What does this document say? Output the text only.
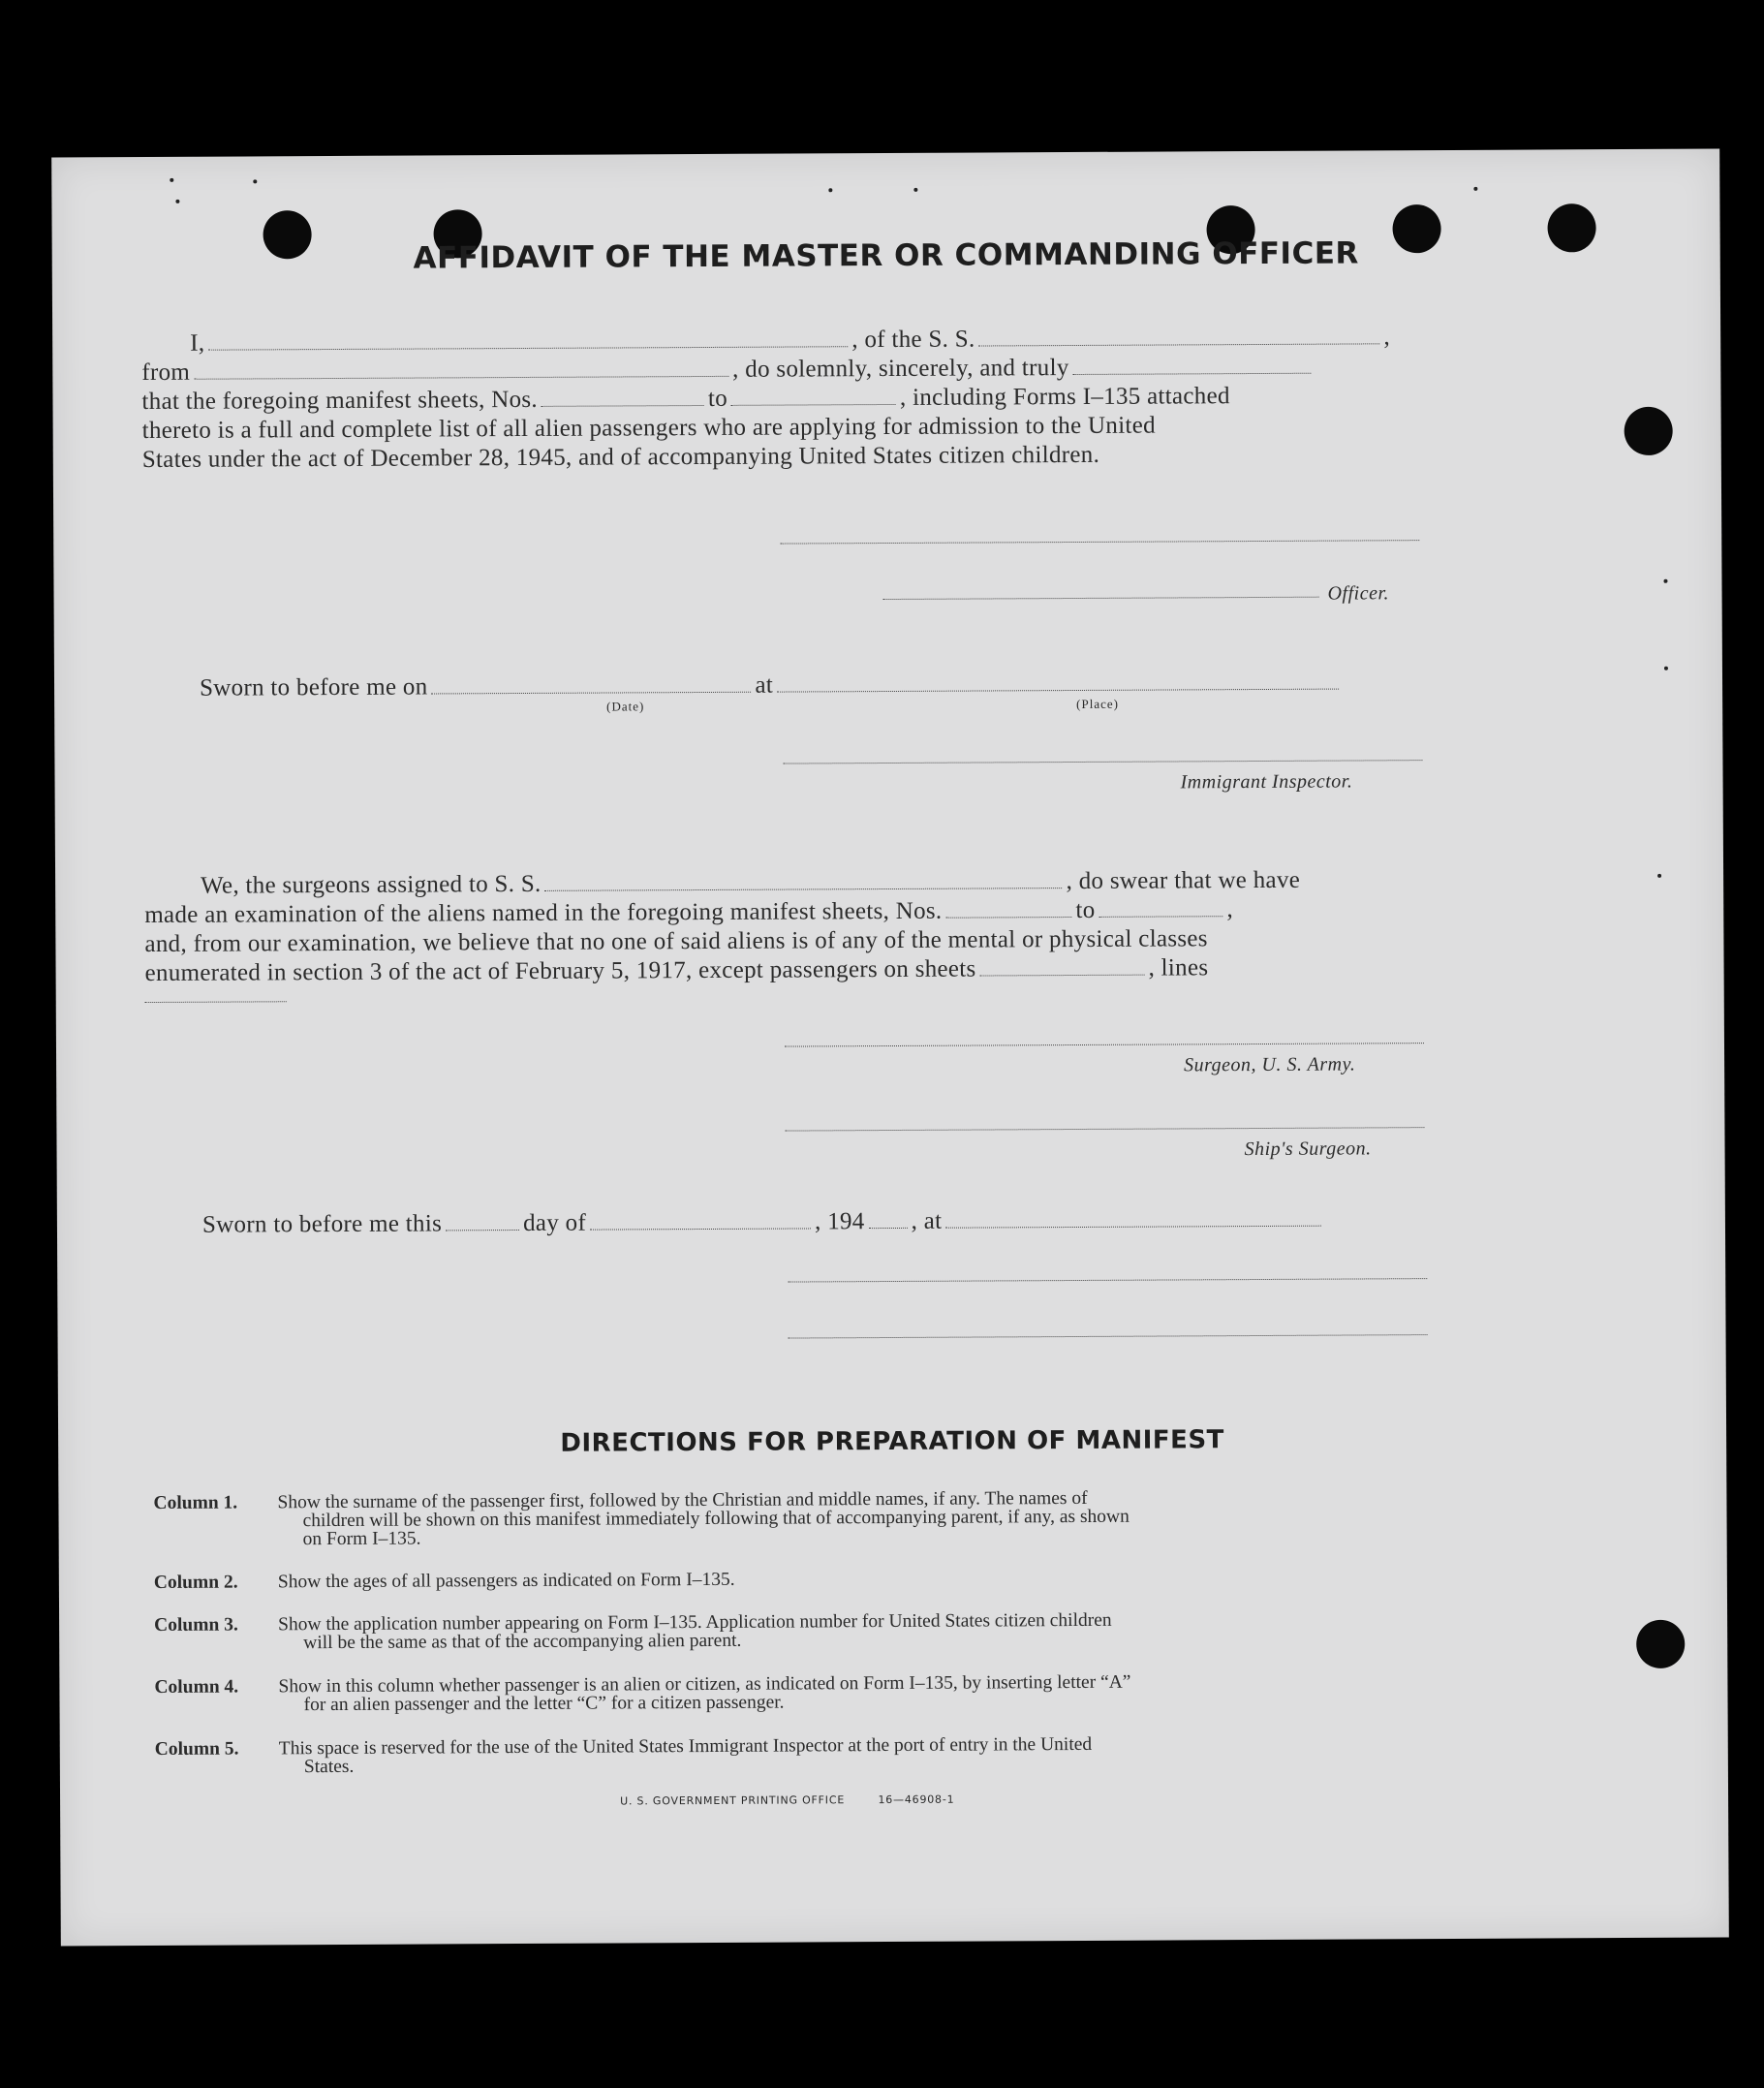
AFFIDAVIT OF THE MASTER OR COMMANDING OFFICER
I,	, of the S. S.	,
from	, do solemnly, sincerely, and truly
that the foregoing manifest sheets, Nos.	to	, including Forms I–135 attached
thereto is a full and complete list of all alien passengers who are applying for admission to the United
States under the act of December 28, 1945, and of accompanying United States citizen children.
Officer.
Sworn to before me on	at
(Date)	(Place)
Immigrant Inspector.
We, the surgeons assigned to S. S.	, do swear that we have
made an examination of the aliens named in the foregoing manifest sheets, Nos.	to	,
and, from our examination, we believe that no one of said aliens is of any of the mental or physical classes
enumerated in section 3 of the act of February 5, 1917, except passengers on sheets	, lines
Surgeon, U. S. Army.
Ship's Surgeon.
Sworn to before me this	day of	, 194 , at
DIRECTIONS FOR PREPARATION OF MANIFEST
Column 1. Show the surname of the passenger first, followed by the Christian and middle names, if any. The names of
children will be shown on this manifest immediately following that of accompanying parent, if any, as shown
on Form I–135.
Column 2. Show the ages of all passengers as indicated on Form I–135.
Column 3. Show the application number appearing on Form I–135. Application number for United States citizen children
will be the same as that of the accompanying alien parent.
Column 4. Show in this column whether passenger is an alien or citizen, as indicated on Form I–135, by inserting letter “A”
for an alien passenger and the letter “C” for a citizen passenger.
Column 5. This space is reserved for the use of the United States Immigrant Inspector at the port of entry in the United
States.
U. S. GOVERNMENT PRINTING OFFICE	16—46908-1
